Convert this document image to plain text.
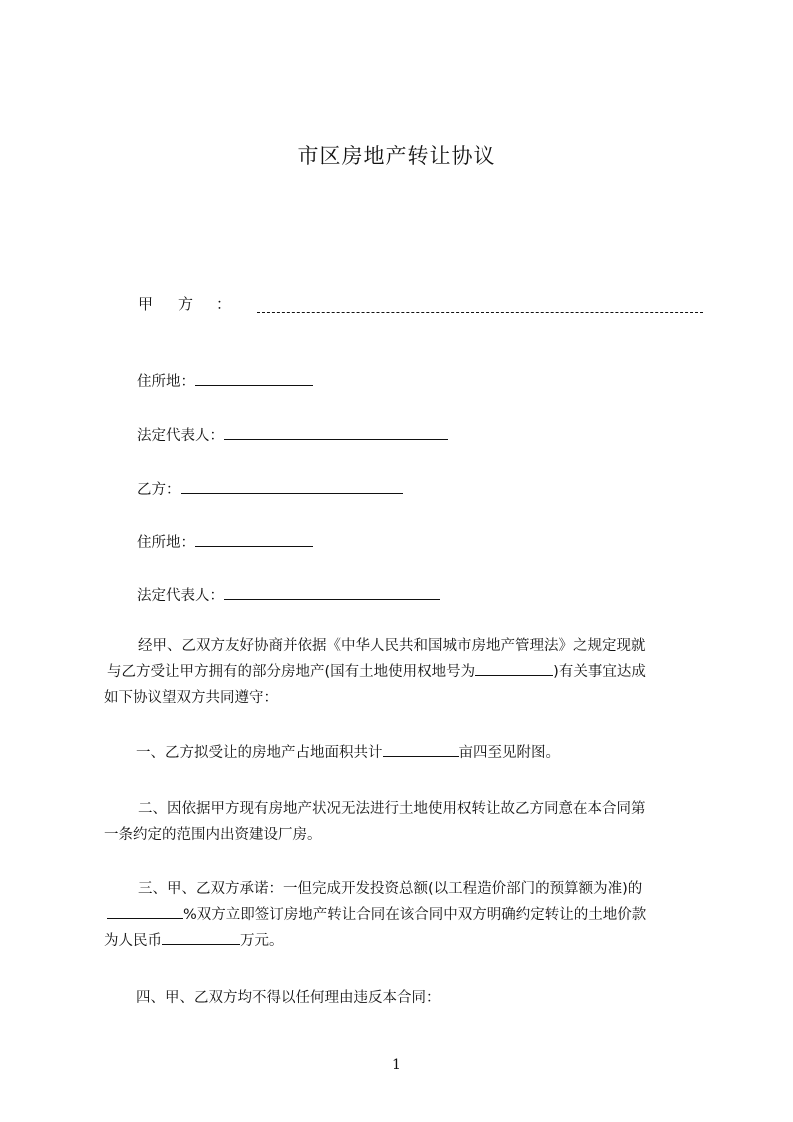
市区房地产转让协议
甲 方 ：
住所地：
法定代表人：
乙方：
住所地：
法定代表人：
经甲、乙双方友好协商并依据《中华人民共和国城市房地产管理法》之规定现就
与乙方受让甲方拥有的部分房地产(国有土地使用权地号为	)有关事宜达成
如下协议望双方共同遵守：
一、乙方拟受让的房地产占地面积共计	亩四至见附图。
二、因依据甲方现有房地产状况无法进行土地使用权转让故乙方同意在本合同第
一条约定的范围内出资建设厂房。
三、甲、乙双方承诺：一但完成开发投资总额(以工程造价部门的预算额为准)的
%双方立即签订房地产转让合同在该合同中双方明确约定转让的土地价款
为人民币	万元。
四、甲、乙双方均不得以任何理由违反本合同：
1
